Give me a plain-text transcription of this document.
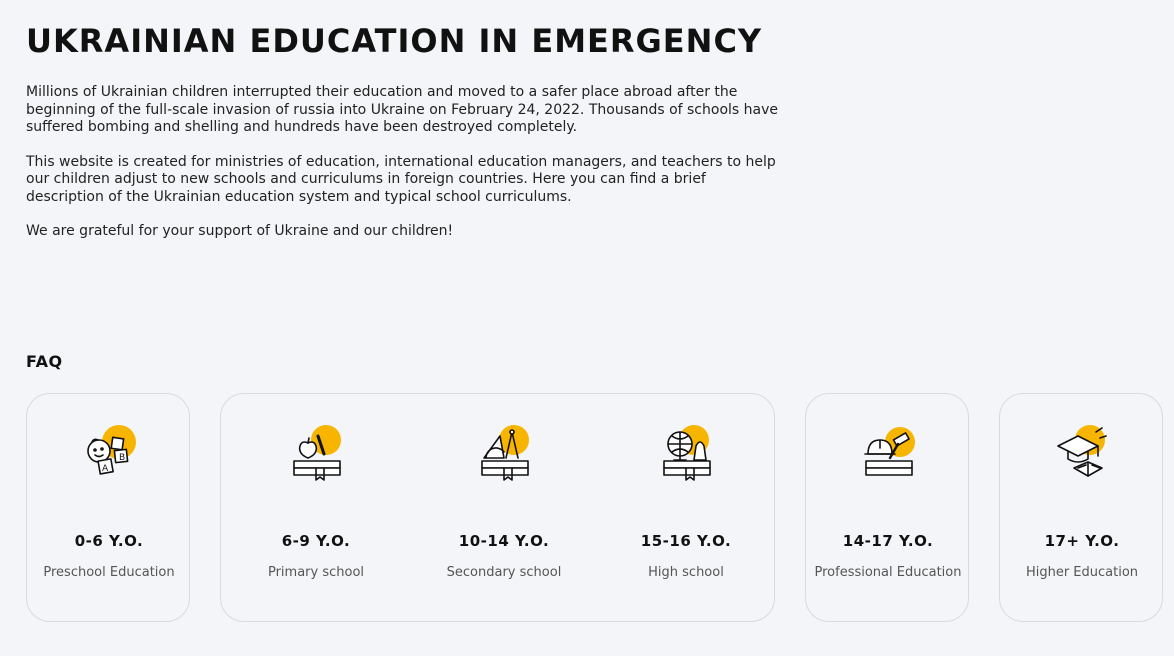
UKRAINIAN EDUCATION IN EMERGENCY

Millions of Ukrainian children interrupted their education and moved to a safer place abroad after the beginning of the full-scale invasion of russia into Ukraine on February 24, 2022. Thousands of schools have suffered bombing and shelling and hundreds have been destroyed completely.

This website is created for ministries of education, international education managers, and teachers to help our children adjust to new schools and curriculums in foreign countries. Here you can find a brief description of the Ukrainian education system and typical school curriculums.

We are grateful for your support of Ukraine and our children!

FAQ
B
A
0-6 Y.O.
Preschool Education
6-9 Y.O.
Primary school
10-14 Y.O.
Secondary school
15-16 Y.O.
High school
14-17 Y.O.
Professional Education
17+ Y.O.
Higher Education
